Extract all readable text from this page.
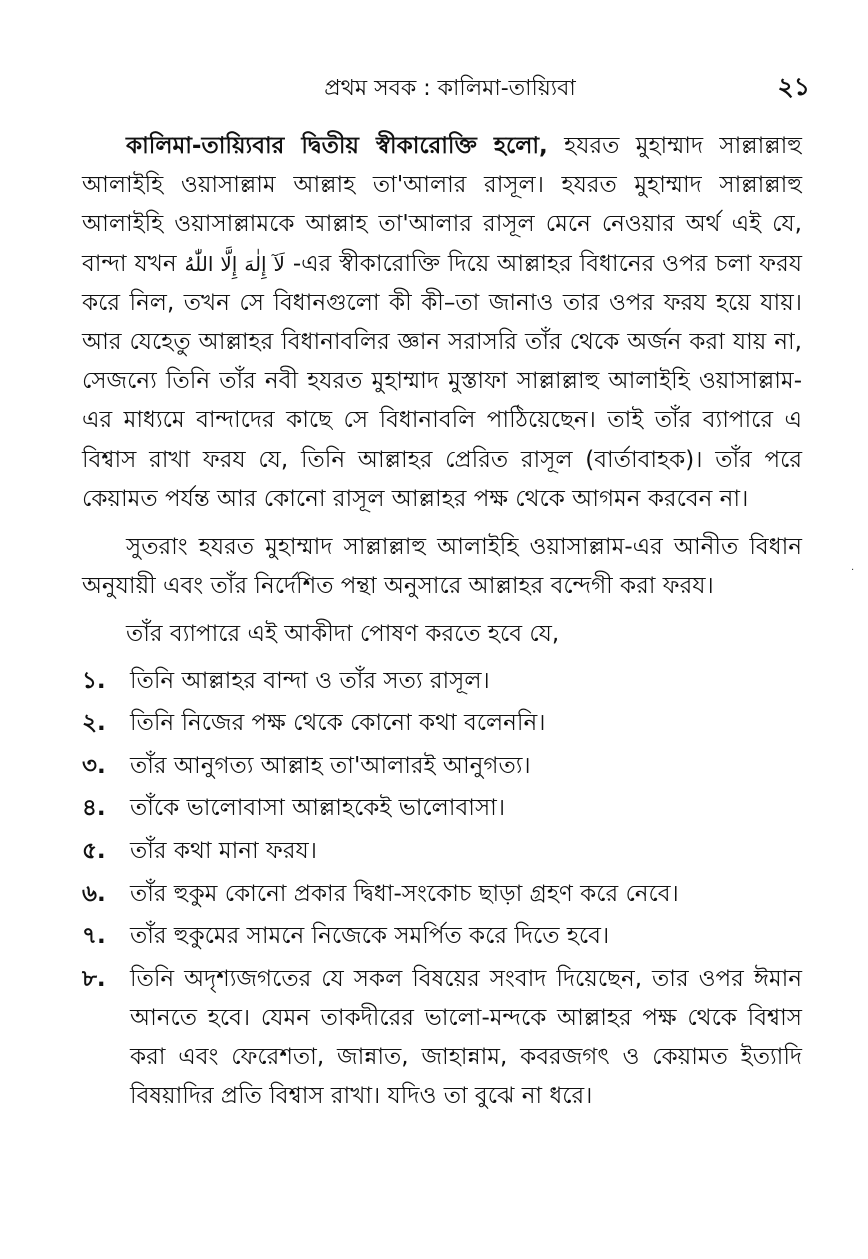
প্রথম সবক : কালিমা-তায়্যিবা	২১

কালিমা-তায়্যিবার দ্বিতীয় স্বীকারোক্তি হলো, হযরত মুহাম্মাদ সাল্লাল্লাহু আলাইহি ওয়াসাল্লাম আল্লাহ তা'আলার রাসূল। হযরত মুহাম্মাদ সাল্লাল্লাহু আলাইহি ওয়াসাল্লামকে আল্লাহ তা'আলার রাসূল মেনে নেওয়ার অর্থ এই যে, বান্দা যখন لَآ إِلٰهَ إِلَّا اللّٰهُ -এর স্বীকারোক্তি দিয়ে আল্লাহর বিধানের ওপর চলা ফরয করে নিল, তখন সে বিধানগুলো কী কী–তা জানাও তার ওপর ফরয হয়ে যায়। আর যেহেতু আল্লাহর বিধানাবলির জ্ঞান সরাসরি তাঁর থেকে অর্জন করা যায় না, সেজন্যে তিনি তাঁর নবী হযরত মুহাম্মাদ মুস্তাফা সাল্লাল্লাহু আলাইহি ওয়াসাল্লাম-এর মাধ্যমে বান্দাদের কাছে সে বিধানাবলি পাঠিয়েছেন। তাই তাঁর ব্যাপারে এ বিশ্বাস রাখা ফরয যে, তিনি আল্লাহর প্রেরিত রাসূল (বার্তাবাহক)। তাঁর পরে কেয়ামত পর্যন্ত আর কোনো রাসূল আল্লাহর পক্ষ থেকে আগমন করবেন না।

সুতরাং হযরত মুহাম্মাদ সাল্লাল্লাহু আলাইহি ওয়াসাল্লাম-এর আনীত বিধান অনুযায়ী এবং তাঁর নির্দেশিত পন্থা অনুসারে আল্লাহর বন্দেগী করা ফরয।

তাঁর ব্যাপারে এই আকীদা পোষণ করতে হবে যে,

১.	তিনি আল্লাহর বান্দা ও তাঁর সত্য রাসূল।
২.	তিনি নিজের পক্ষ থেকে কোনো কথা বলেননি।
৩.	তাঁর আনুগত্য আল্লাহ তা'আলারই আনুগত্য।
৪.	তাঁকে ভালোবাসা আল্লাহকেই ভালোবাসা।
৫.	তাঁর কথা মানা ফরয।
৬.	তাঁর হুকুম কোনো প্রকার দ্বিধা-সংকোচ ছাড়া গ্রহণ করে নেবে।
৭.	তাঁর হুকুমের সামনে নিজেকে সমর্পিত করে দিতে হবে।
৮.	তিনি অদৃশ্যজগতের যে সকল বিষয়ের সংবাদ দিয়েছেন, তার ওপর ঈমান আনতে হবে। যেমন তাকদীরের ভালো-মন্দকে আল্লাহর পক্ষ থেকে বিশ্বাস করা এবং ফেরেশতা, জান্নাত, জাহান্নাম, কবরজগৎ ও কেয়ামত ইত্যাদি বিষয়াদির প্রতি বিশ্বাস রাখা। যদিও তা বুঝে না ধরে।
·
